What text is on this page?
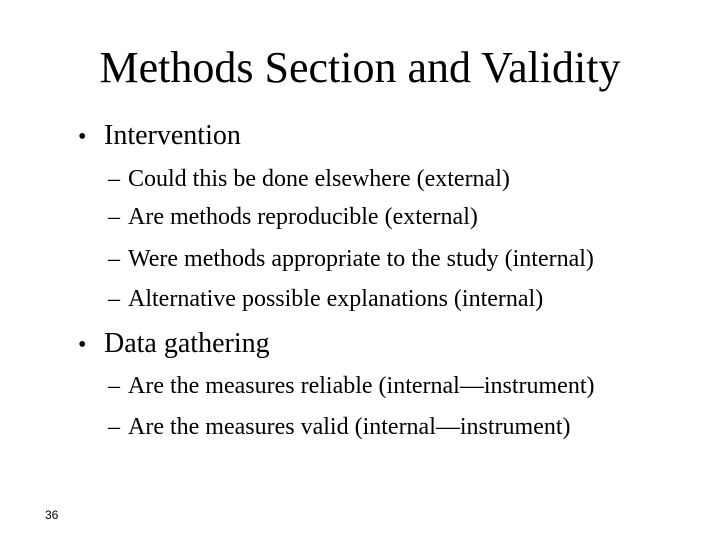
Methods Section and Validity
• Intervention
– Could this be done elsewhere (external)
– Are methods reproducible (external)
– Were methods appropriate to the study (internal)
– Alternative possible explanations (internal)
• Data gathering
– Are the measures reliable (internal—instrument)
– Are the measures valid (internal—instrument)
36
